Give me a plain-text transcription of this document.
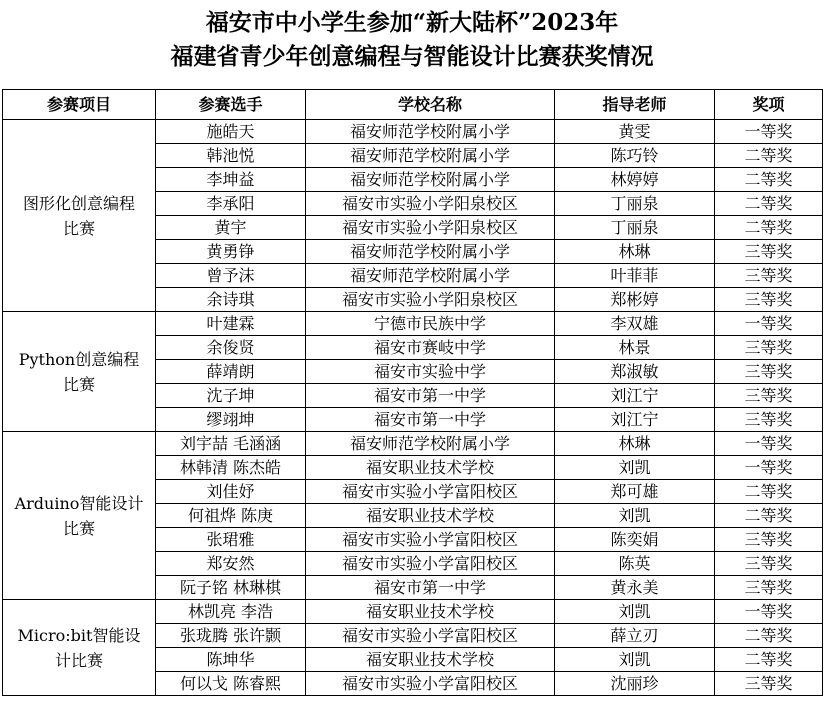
福安市中小学生参加“新大陆杯”2023年
福建省青少年创意编程与智能设计比赛获奖情况
参赛项目	参赛选手	学校名称	指导老师	奖项

图形化创意编程
比赛	施皓天	福安师范学校附属小学	黄雯	一等奖
	韩池悦	福安师范学校附属小学	陈巧铃	二等奖
	李坤益	福安师范学校附属小学	林婷婷	二等奖
	李承阳	福安市实验小学阳泉校区	丁丽泉	二等奖
	黄宇	福安市实验小学阳泉校区	丁丽泉	二等奖
	黄勇铮	福安师范学校附属小学	林琳	三等奖
	曾予沫	福安师范学校附属小学	叶菲菲	三等奖
	余诗琪	福安市实验小学阳泉校区	郑彬婷	三等奖

Python创意编程
比赛	叶建霖	宁德市民族中学	李双雄	一等奖
	余俊贤	福安市赛岐中学	林景	三等奖
	薛靖朗	福安市实验中学	郑淑敏	三等奖
	沈子坤	福安市第一中学	刘江宁	三等奖
	缪翊坤	福安市第一中学	刘江宁	三等奖

Arduino智能设计
比赛	刘宇喆 毛涵涵	福安师范学校附属小学	林琳	一等奖
	林韩清 陈杰皓	福安职业技术学校	刘凯	一等奖
	刘佳妤	福安市实验小学富阳校区	郑可雄	二等奖
	何祖烨 陈庚	福安职业技术学校	刘凯	二等奖
	张珺雅	福安市实验小学富阳校区	陈奕娟	三等奖
	郑安然	福安市实验小学富阳校区	陈英	三等奖
	阮子铭 林琳棋	福安市第一中学	黄永美	三等奖

Micro:bit智能设
计比赛	林凯亮 李浩	福安职业技术学校	刘凯	一等奖
	张珑腾 张许颢	福安市实验小学富阳校区	薛立刃	二等奖
	陈坤华	福安职业技术学校	刘凯	二等奖
	何以戈 陈睿熙	福安市实验小学富阳校区	沈丽珍	三等奖
